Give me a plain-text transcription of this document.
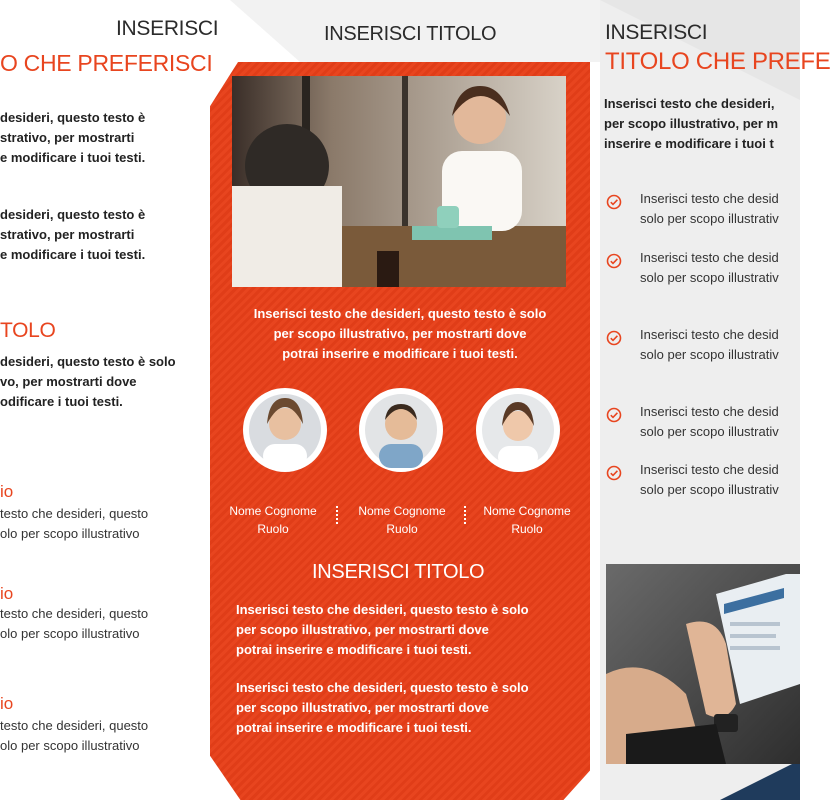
INSERISCI
O CHE PREFERISCI
desideri, questo testo è
strativo, per mostrarti
e modificare i tuoi testi.
desideri, questo testo è
strativo, per mostrarti
e modificare i tuoi testi.
TOLO
desideri, questo testo è solo
vo, per mostrarti dove
odificare i tuoi testi.
io
testo che desideri, questo
olo per scopo illustrativo
io
testo che desideri, questo
olo per scopo illustrativo
io
testo che desideri, questo
olo per scopo illustrativo
INSERISCI TITOLO
Inserisci testo che desideri, questo testo è solo
per scopo illustrativo, per mostrarti dove
potrai inserire e modificare i tuoi testi.
Nome Cognome
Ruolo
Nome Cognome
Ruolo
Nome Cognome
Ruolo
INSERISCI TITOLO
Inserisci testo che desideri, questo testo è solo
per scopo illustrativo, per mostrarti dove
potrai inserire e modificare i tuoi testi.
Inserisci testo che desideri, questo testo è solo
per scopo illustrativo, per mostrarti dove
potrai inserire e modificare i tuoi testi.
INSERISCI
TITOLO CHE PREFE
Inserisci testo che desideri,
per scopo illustrativo, per m
inserire e modificare i tuoi t
Inserisci testo che desid
solo per scopo illustrativ
Inserisci testo che desid
solo per scopo illustrativ
Inserisci testo che desid
solo per scopo illustrativ
Inserisci testo che desid
solo per scopo illustrativ
Inserisci testo che desid
solo per scopo illustrativ
